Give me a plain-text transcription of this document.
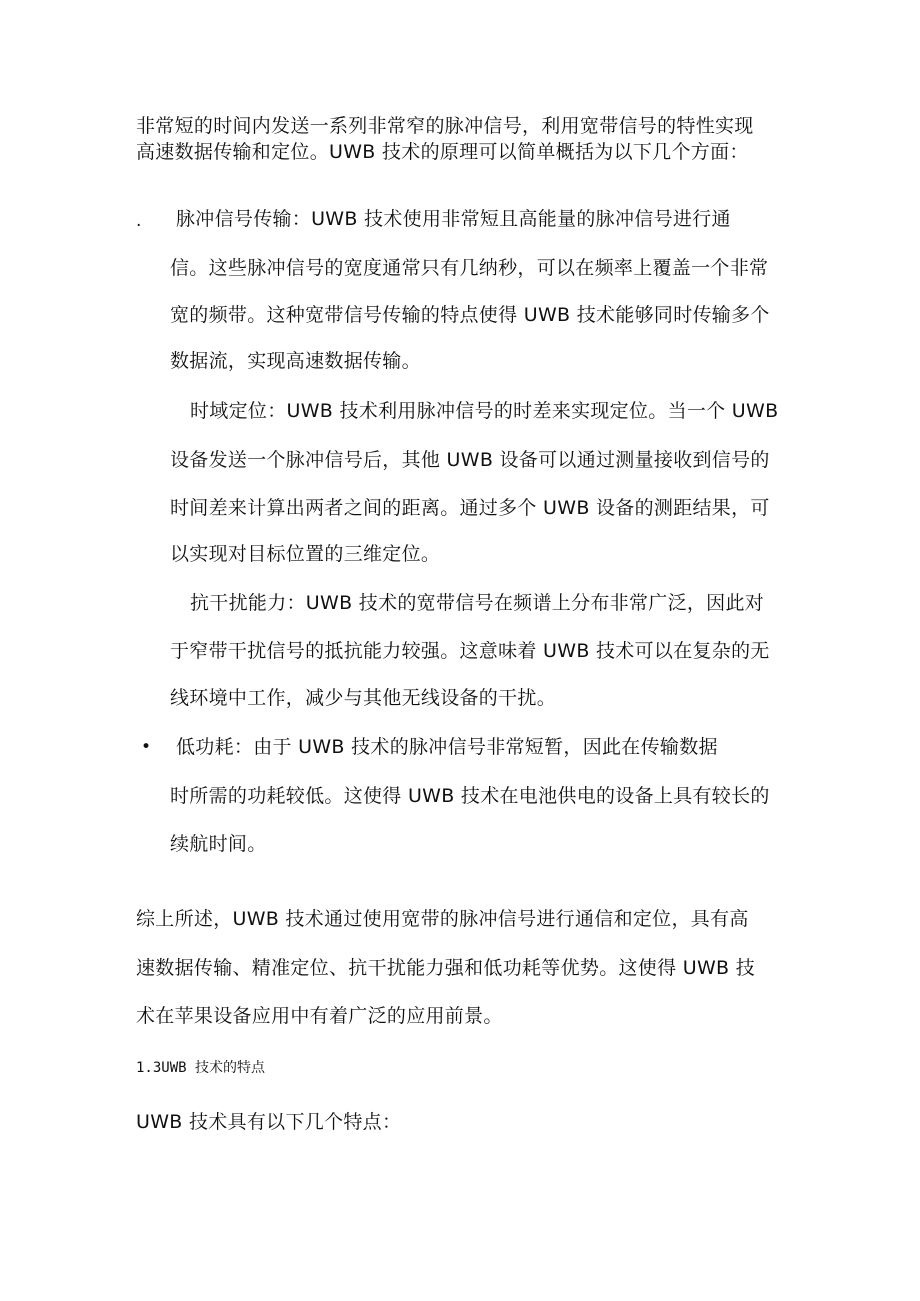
非常短的时间内发送一系列非常窄的脉冲信号，利用宽带信号的特性实现
高速数据传输和定位。UWB 技术的原理可以简单概括为以下几个方面：
. 脉冲信号传输：UWB 技术使用非常短且高能量的脉冲信号进行通
信。这些脉冲信号的宽度通常只有几纳秒，可以在频率上覆盖一个非常
宽的频带。这种宽带信号传输的特点使得 UWB 技术能够同时传输多个
数据流，实现高速数据传输。
时域定位：UWB 技术利用脉冲信号的时差来实现定位。当一个 UWB
设备发送一个脉冲信号后，其他 UWB 设备可以通过测量接收到信号的
时间差来计算出两者之间的距离。通过多个 UWB 设备的测距结果，可
以实现对目标位置的三维定位。
抗干扰能力：UWB 技术的宽带信号在频谱上分布非常广泛，因此对
于窄带干扰信号的抵抗能力较强。这意味着 UWB 技术可以在复杂的无
线环境中工作，减少与其他无线设备的干扰。
• 低功耗：由于 UWB 技术的脉冲信号非常短暂，因此在传输数据
时所需的功耗较低。这使得 UWB 技术在电池供电的设备上具有较长的
续航时间。
综上所述，UWB 技术通过使用宽带的脉冲信号进行通信和定位，具有高
速数据传输、精准定位、抗干扰能力强和低功耗等优势。这使得 UWB 技
术在苹果设备应用中有着广泛的应用前景。
1.3UWB 技术的特点
UWB 技术具有以下几个特点：
